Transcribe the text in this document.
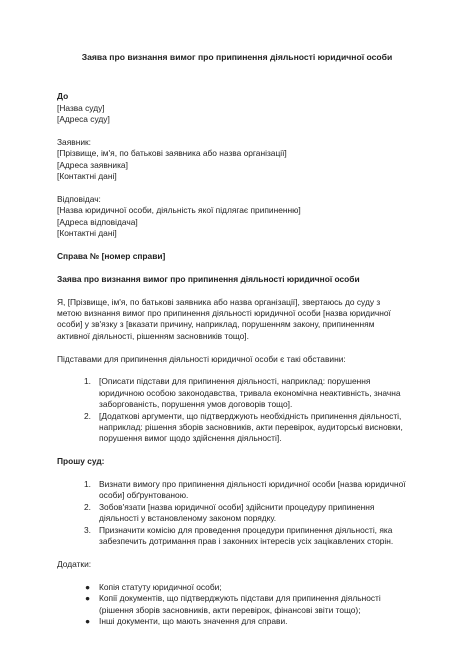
Заява про визнання вимог про припинення діяльності юридичної особи

До

[Назва суду]

[Адреса суду]

Заявник:

[Прізвище, ім'я, по батькові заявника або назва організації]

[Адреса заявника]

[Контактні дані]

Відповідач:

[Назва юридичної особи, діяльність якої підлягає припиненню]

[Адреса відповідача]

[Контактні дані]

Справа № [номер справи]

Заява про визнання вимог про припинення діяльності юридичної особи

Я, [Прізвище, ім'я, по батькові заявника або назва організації], звертаюсь до суду з

метою визнання вимог про припинення діяльності юридичної особи [назва юридичної

особи] у зв'язку з [вказати причину, наприклад, порушенням закону, припиненням

активної діяльності, рішенням засновників тощо].

Підставами для припинення діяльності юридичної особи є такі обставини:

1. [Описати підстави для припинення діяльності, наприклад: порушення

юридичною особою законодавства, тривала економічна неактивність, значна

заборгованість, порушення умов договорів тощо].

2. [Додаткові аргументи, що підтверджують необхідність припинення діяльності,

наприклад: рішення зборів засновників, акти перевірок, аудиторські висновки,

порушення вимог щодо здійснення діяльності].

Прошу суд:

1. Визнати вимогу про припинення діяльності юридичної особи [назва юридичної

особи] обґрунтованою.

2. Зобов'язати [назва юридичної особи] здійснити процедуру припинення

діяльності у встановленому законом порядку.

3. Призначити комісію для проведення процедури припинення діяльності, яка

забезпечить дотримання прав і законних інтересів усіх зацікавлених сторін.

Додатки:

● Копія статуту юридичної особи;

● Копії документів, що підтверджують підстави для припинення діяльності

(рішення зборів засновників, акти перевірок, фінансові звіти тощо);

● Інші документи, що мають значення для справи.
